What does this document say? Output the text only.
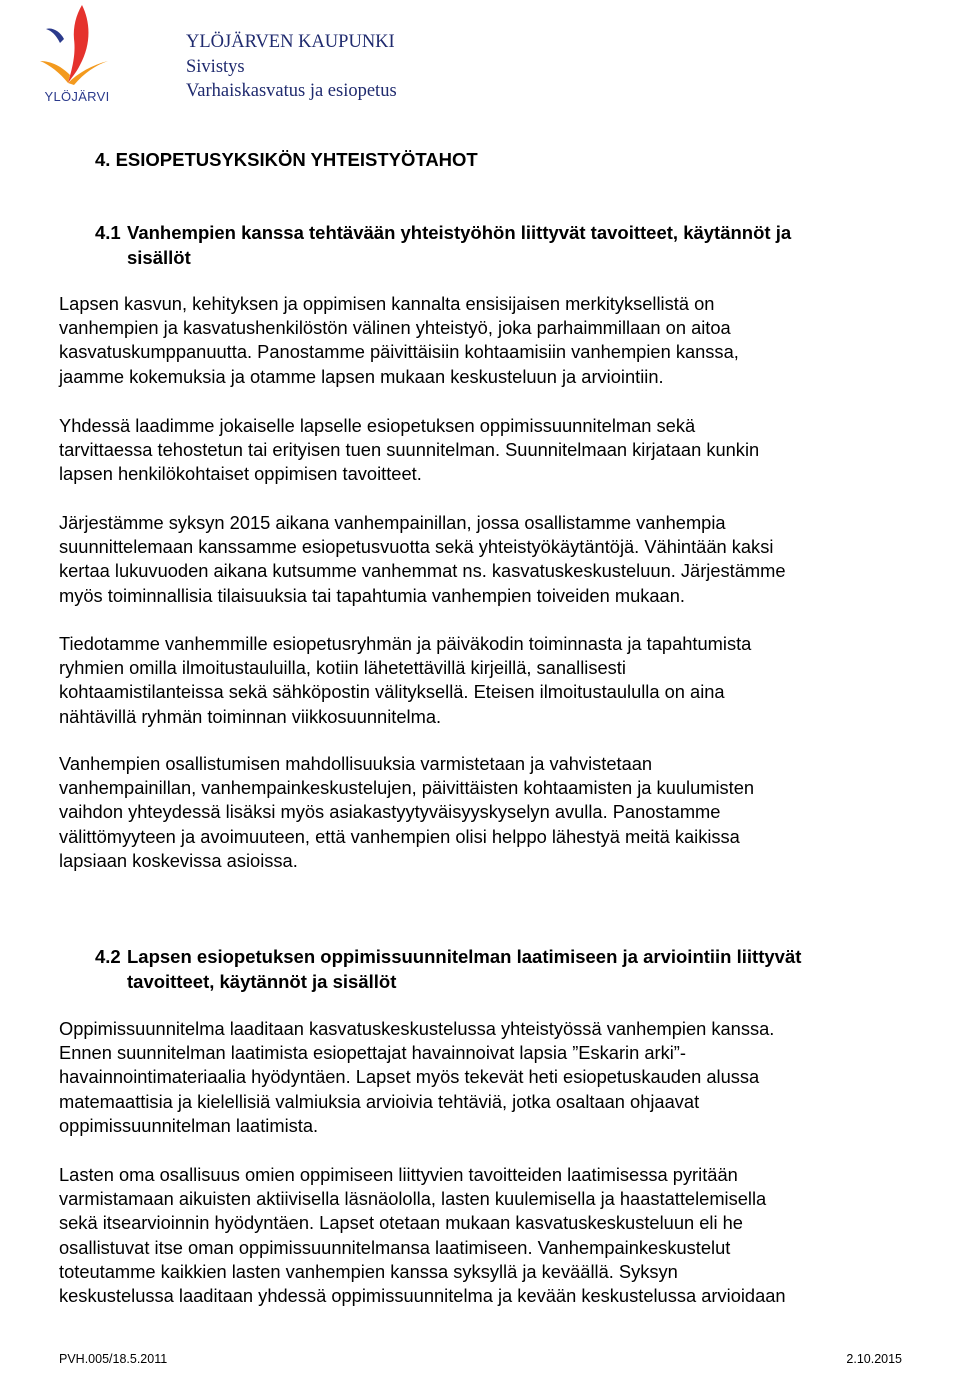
YLÖJÄRVI
YLÖJÄRVEN KAUPUNKI
Sivistys
Varhaiskasvatus ja esiopetus
4. ESIOPETUSYKSIKÖN YHTEISTYÖTAHOT
4.1 Vanhempien kanssa tehtävään yhteistyöhön liittyvät tavoitteet, käytännöt ja
sisällöt
Lapsen kasvun, kehityksen ja oppimisen kannalta ensisijaisen merkityksellistä on
vanhempien ja kasvatushenkilöstön välinen yhteistyö, joka parhaimmillaan on aitoa
kasvatuskumppanuutta. Panostamme päivittäisiin kohtaamisiin vanhempien kanssa,
jaamme kokemuksia ja otamme lapsen mukaan keskusteluun ja arviointiin.
Yhdessä laadimme jokaiselle lapselle esiopetuksen oppimissuunnitelman sekä
tarvittaessa tehostetun tai erityisen tuen suunnitelman. Suunnitelmaan kirjataan kunkin
lapsen henkilökohtaiset oppimisen tavoitteet.
Järjestämme syksyn 2015 aikana vanhempainillan, jossa osallistamme vanhempia
suunnittelemaan kanssamme esiopetusvuotta sekä yhteistyökäytäntöjä. Vähintään kaksi
kertaa lukuvuoden aikana kutsumme vanhemmat ns. kasvatuskeskusteluun. Järjestämme
myös toiminnallisia tilaisuuksia tai tapahtumia vanhempien toiveiden mukaan.
Tiedotamme vanhemmille esiopetusryhmän ja päiväkodin toiminnasta ja tapahtumista
ryhmien omilla ilmoitustauluilla, kotiin lähetettävillä kirjeillä, sanallisesti
kohtaamistilanteissa sekä sähköpostin välityksellä. Eteisen ilmoitustaululla on aina
nähtävillä ryhmän toiminnan viikkosuunnitelma.
Vanhempien osallistumisen mahdollisuuksia varmistetaan ja vahvistetaan
vanhempainillan, vanhempainkeskustelujen, päivittäisten kohtaamisten ja kuulumisten
vaihdon yhteydessä lisäksi myös asiakastyytyväisyyskyselyn avulla. Panostamme
välittömyyteen ja avoimuuteen, että vanhempien olisi helppo lähestyä meitä kaikissa
lapsiaan koskevissa asioissa.
4.2 Lapsen esiopetuksen oppimissuunnitelman laatimiseen ja arviointiin liittyvät
tavoitteet, käytännöt ja sisällöt
Oppimissuunnitelma laaditaan kasvatuskeskustelussa yhteistyössä vanhempien kanssa.
Ennen suunnitelman laatimista esiopettajat havainnoivat lapsia ”Eskarin arki”-
havainnointimateriaalia hyödyntäen. Lapset myös tekevät heti esiopetuskauden alussa
matemaattisia ja kielellisiä valmiuksia arvioivia tehtäviä, jotka osaltaan ohjaavat
oppimissuunnitelman laatimista.
Lasten oma osallisuus omien oppimiseen liittyvien tavoitteiden laatimisessa pyritään
varmistamaan aikuisten aktiivisella läsnäololla, lasten kuulemisella ja haastattelemisella
sekä itsearvioinnin hyödyntäen. Lapset otetaan mukaan kasvatuskeskusteluun eli he
osallistuvat itse oman oppimissuunnitelmansa laatimiseen. Vanhempainkeskustelut
toteutamme kaikkien lasten vanhempien kanssa syksyllä ja keväällä. Syksyn
keskustelussa laaditaan yhdessä oppimissuunnitelma ja kevään keskustelussa arvioidaan
PVH.005/18.5.2011	2.10.2015
